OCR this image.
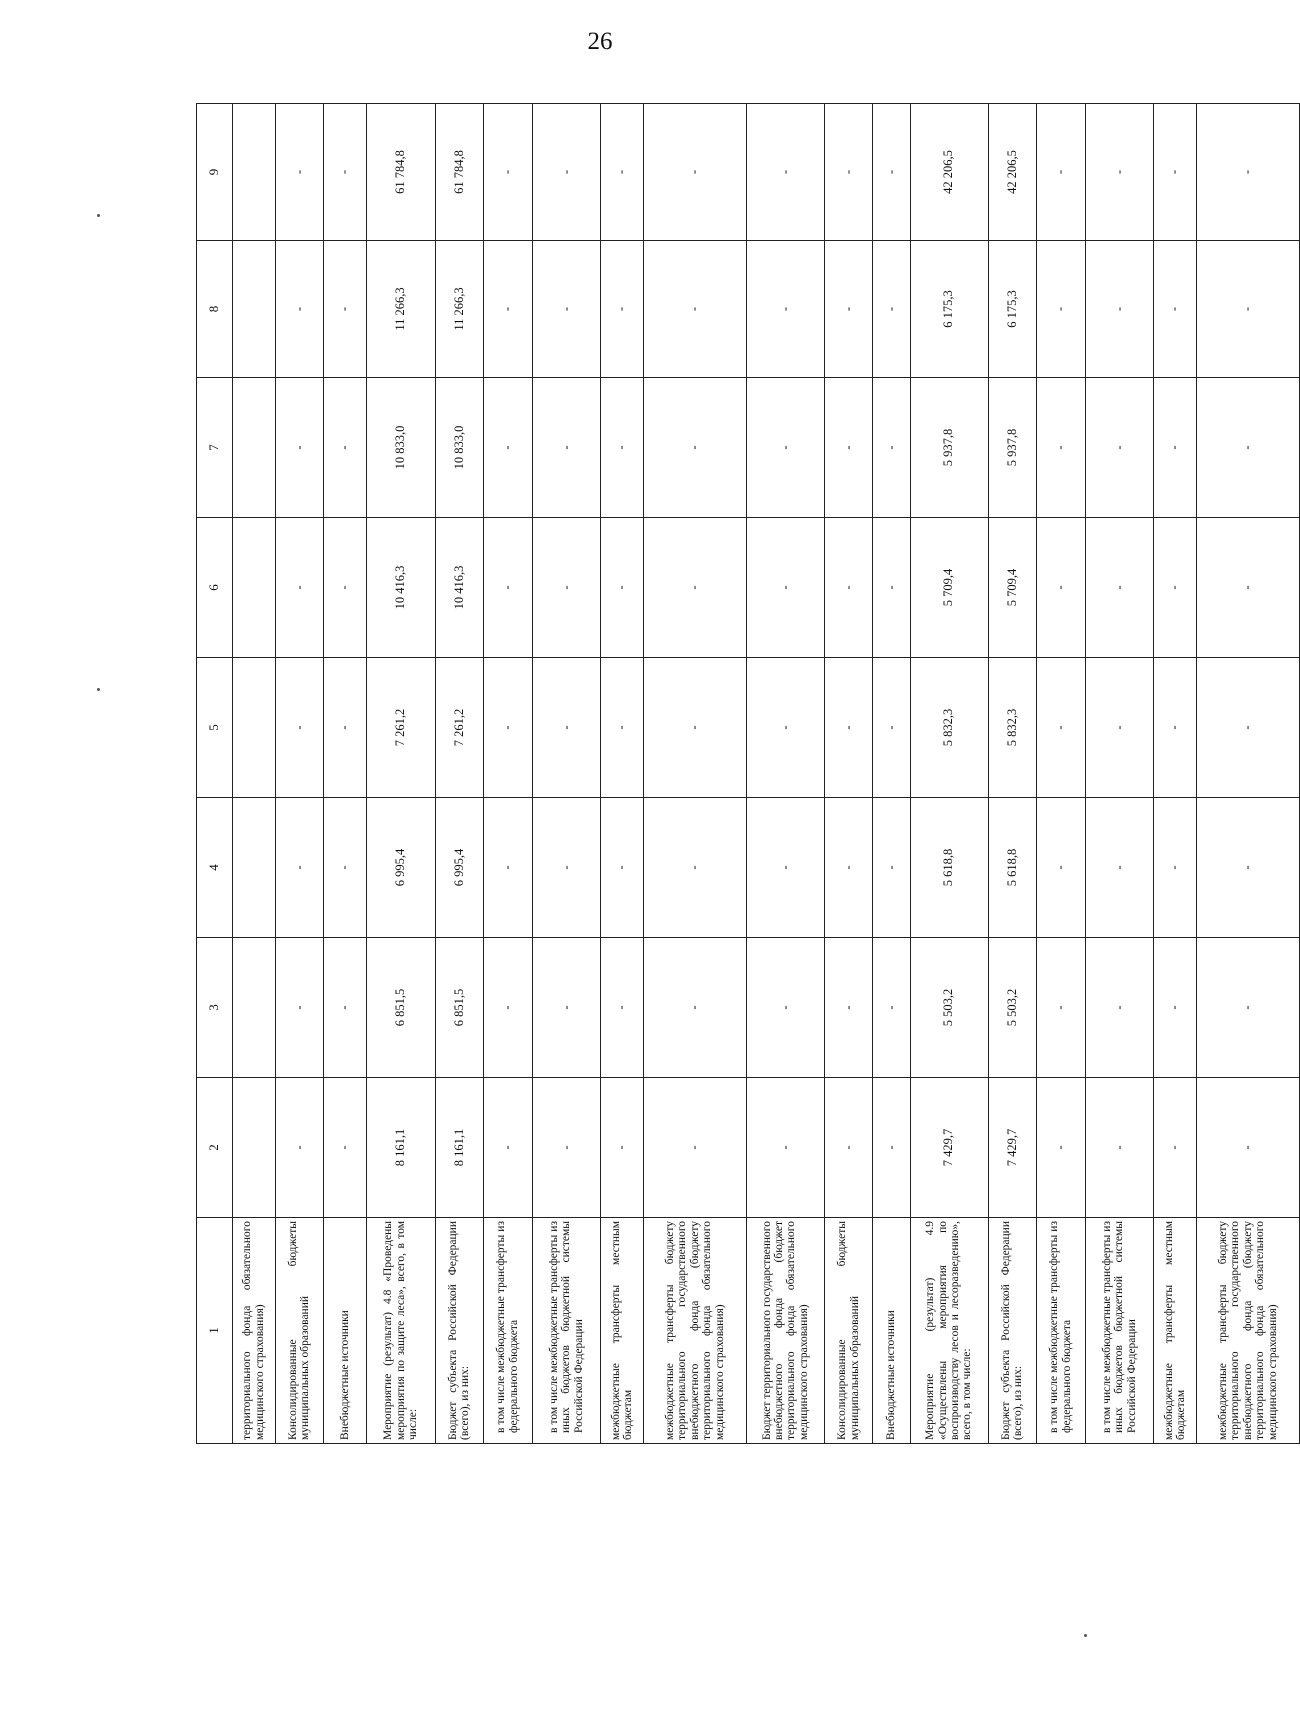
26
1	2	3	4	5	6	7	8	9
территориального фонда обязательного медицинского страхования)								
Консолидированные бюджеты муниципальных образований	-	-	-	-	-	-	-	-
Внебюджетные источники	-	-	-	-	-	-	-	-
Мероприятие (результат) 4.8 «Проведены мероприятия по защите леса», всего, в том числе:	8 161,1	6 851,5	6 995,4	7 261,2	10 416,3	10 833,0	11 266,3	61 784,8
Бюджет субъекта Российской Федерации (всего), из них:	8 161,1	6 851,5	6 995,4	7 261,2	10 416,3	10 833,0	11 266,3	61 784,8
в том числе межбюджетные трансферты из федерального бюджета	-	-	-	-	-	-	-	-
в том числе межбюджетные трансферты из иных бюджетов бюджетной системы Российской Федерации	-	-	-	-	-	-	-	-
межбюджетные трансферты местным бюджетам	-	-	-	-	-	-	-	-
межбюджетные трансферты бюджету территориального государственного внебюджетного фонда (бюджету территориального фонда обязательного медицинского страхования)	-	-	-	-	-	-	-	-
Бюджет территориального государственного внебюджетного фонда (бюджет территориального фонда обязательного медицинского страхования)	-	-	-	-	-	-	-	-
Консолидированные бюджеты муниципальных образований	-	-	-	-	-	-	-	-
Внебюджетные источники	-	-	-	-	-	-	-	-
Мероприятие (результат) 4.9 «Осуществлены мероприятия по воспроизводству лесов и лесоразведению», всего, в том числе:	7 429,7	5 503,2	5 618,8	5 832,3	5 709,4	5 937,8	6 175,3	42 206,5
Бюджет субъекта Российской Федерации (всего), из них:	7 429,7	5 503,2	5 618,8	5 832,3	5 709,4	5 937,8	6 175,3	42 206,5
в том числе межбюджетные трансферты из федерального бюджета	-	-	-	-	-	-	-	-
в том числе межбюджетные трансферты из иных бюджетов бюджетной системы Российской Федерации	-	-	-	-	-	-	-	-
межбюджетные трансферты местным бюджетам	-	-	-	-	-	-	-	-
межбюджетные трансферты бюджету территориального государственного внебюджетного фонда (бюджету территориального фонда обязательного медицинского страхования)	-	-	-	-	-	-	-	-
